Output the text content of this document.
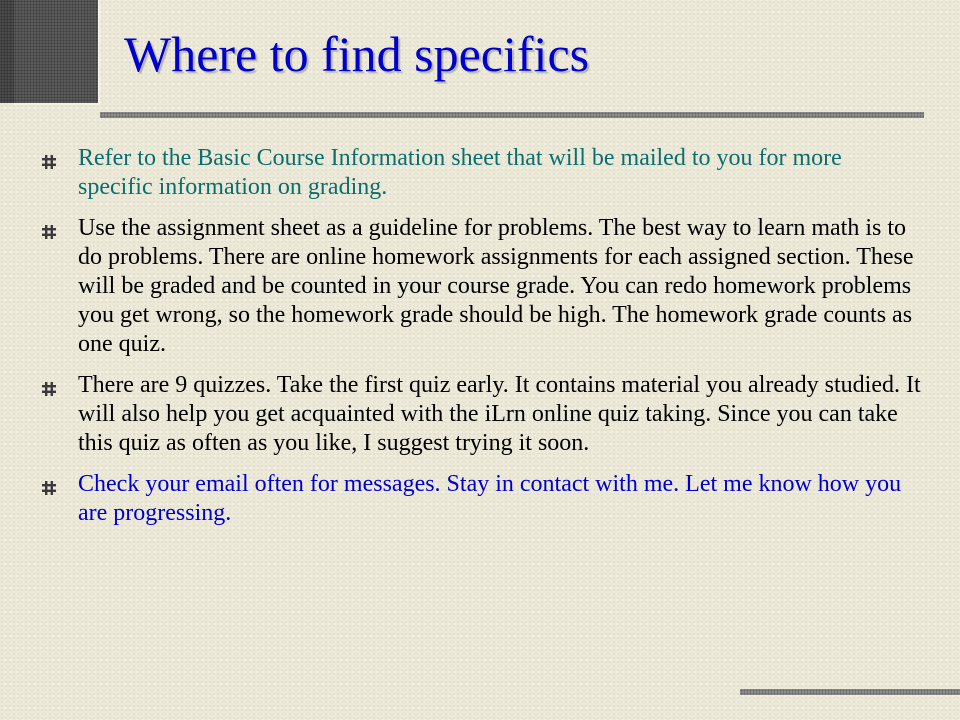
Where to find specifics
Refer to the Basic Course Information sheet that will be mailed to you for more specific information on grading.
Use the assignment sheet as a guideline for problems. The best way to learn math is to do problems. There are online homework assignments for each assigned section. These will be graded and be counted in your course grade. You can redo homework problems you get wrong, so the homework grade should be high. The homework grade counts as one quiz.
There are 9 quizzes. Take the first quiz early. It contains material you already studied. It will also help you get acquainted with the iLrn online quiz taking. Since you can take this quiz as often as you like, I suggest trying it soon.
Check your email often for messages. Stay in contact with me. Let me know how you are progressing.
